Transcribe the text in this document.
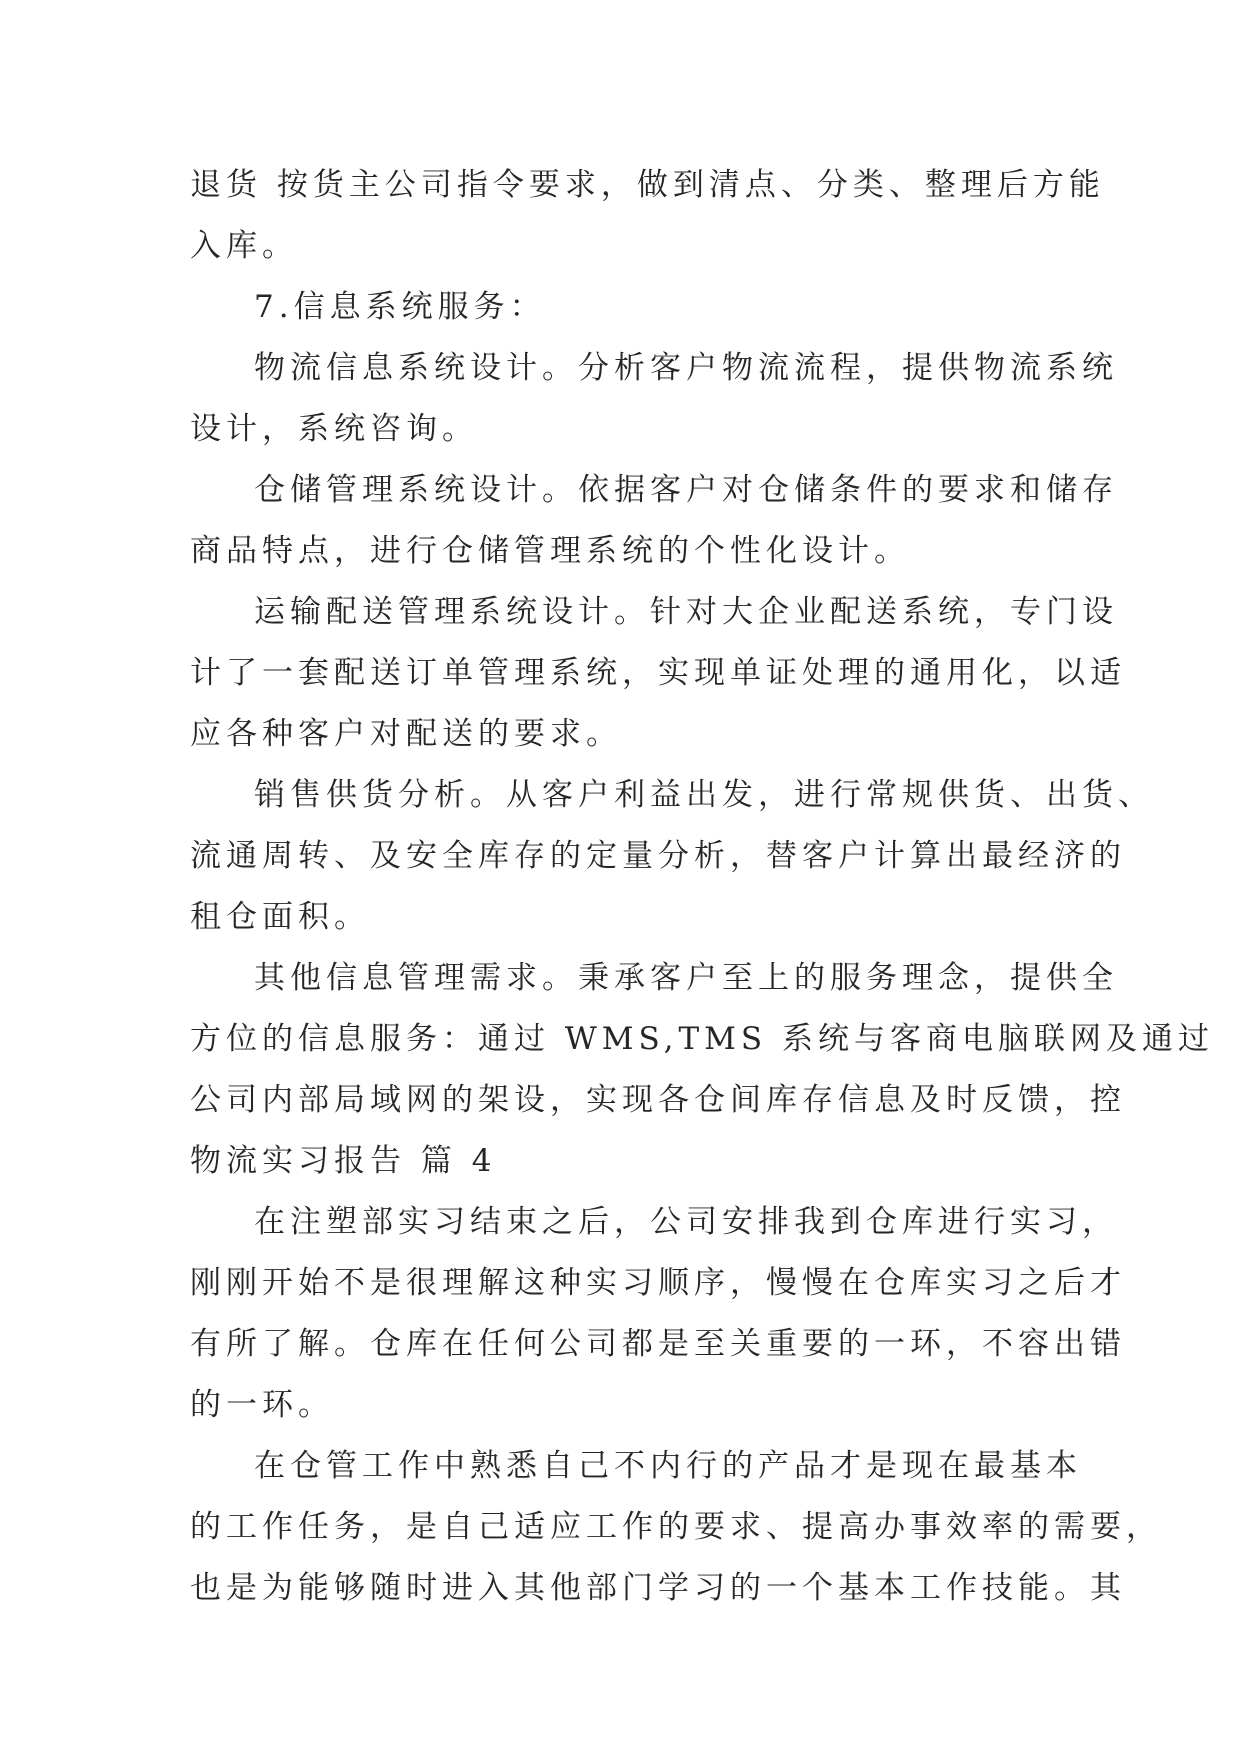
退货 按货主公司指令要求，做到清点、分类、整理后方能
入库。
7.信息系统服务：
物流信息系统设计。分析客户物流流程，提供物流系统
设计，系统咨询。
仓储管理系统设计。依据客户对仓储条件的要求和储存
商品特点，进行仓储管理系统的个性化设计。
运输配送管理系统设计。针对大企业配送系统，专门设
计了一套配送订单管理系统，实现单证处理的通用化，以适
应各种客户对配送的要求。
销售供货分析。从客户利益出发，进行常规供货、出货、
流通周转、及安全库存的定量分析，替客户计算出最经济的
租仓面积。
其他信息管理需求。秉承客户至上的服务理念，提供全
方位的信息服务：通过 WMS,TMS 系统与客商电脑联网及通过
公司内部局域网的架设，实现各仓间库存信息及时反馈，控
物流实习报告 篇 4
在注塑部实习结束之后，公司安排我到仓库进行实习，
刚刚开始不是很理解这种实习顺序，慢慢在仓库实习之后才
有所了解。仓库在任何公司都是至关重要的一环，不容出错
的一环。
在仓管工作中熟悉自己不内行的产品才是现在最基本
的工作任务，是自己适应工作的要求、提高办事效率的需要，
也是为能够随时进入其他部门学习的一个基本工作技能。其
